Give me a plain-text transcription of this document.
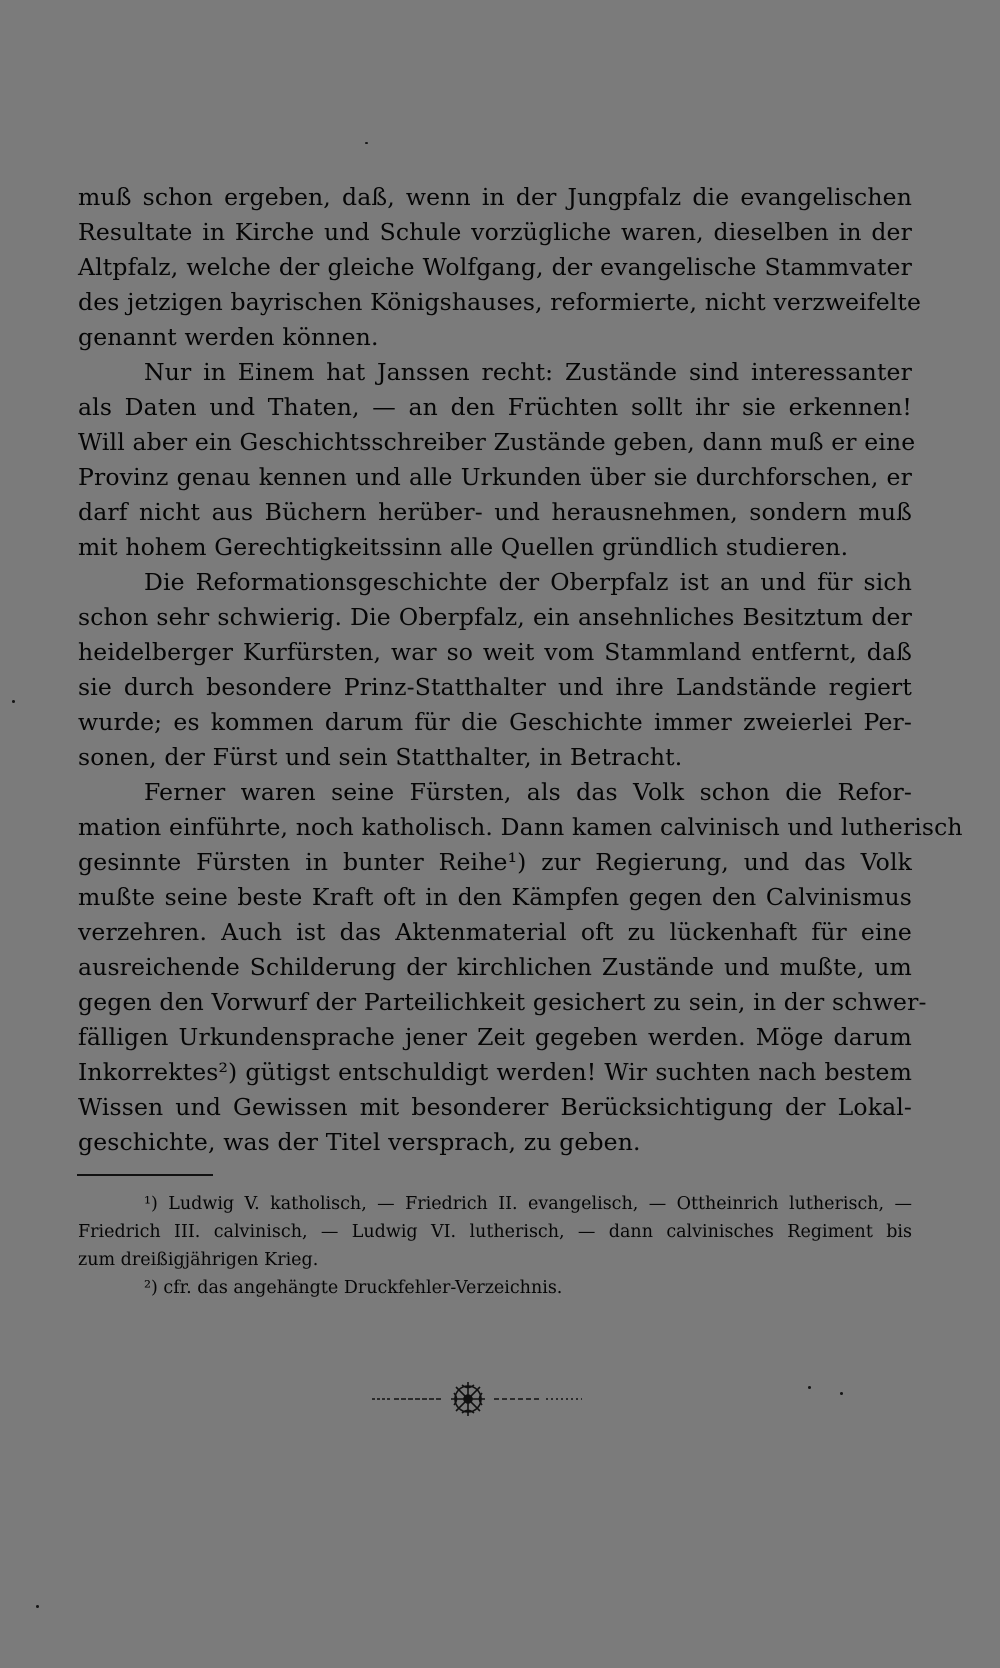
muß schon ergeben, daß, wenn in der Jungpfalz die evangelischen
Resultate in Kirche und Schule vorzügliche waren, dieselben in der
Altpfalz, welche der gleiche Wolfgang, der evangelische Stammvater
des jetzigen bayrischen Königshauses, reformierte, nicht verzweifelte
genannt werden können.
Nur in Einem hat Janssen recht: Zustände sind interessanter
als Daten und Thaten, — an den Früchten sollt ihr sie erkennen!
Will aber ein Geschichtsschreiber Zustände geben, dann muß er eine
Provinz genau kennen und alle Urkunden über sie durchforschen, er
darf nicht aus Büchern herüber- und herausnehmen, sondern muß
mit hohem Gerechtigkeitssinn alle Quellen gründlich studieren.
Die Reformationsgeschichte der Oberpfalz ist an und für sich
schon sehr schwierig. Die Oberpfalz, ein ansehnliches Besitztum der
heidelberger Kurfürsten, war so weit vom Stammland entfernt, daß
sie durch besondere Prinz-Statthalter und ihre Landstände regiert
wurde; es kommen darum für die Geschichte immer zweierlei Per-
sonen, der Fürst und sein Statthalter, in Betracht.
Ferner waren seine Fürsten, als das Volk schon die Refor-
mation einführte, noch katholisch. Dann kamen calvinisch und lutherisch
gesinnte Fürsten in bunter Reihe¹) zur Regierung, und das Volk
mußte seine beste Kraft oft in den Kämpfen gegen den Calvinismus
verzehren. Auch ist das Aktenmaterial oft zu lückenhaft für eine
ausreichende Schilderung der kirchlichen Zustände und mußte, um
gegen den Vorwurf der Parteilichkeit gesichert zu sein, in der schwer-
fälligen Urkundensprache jener Zeit gegeben werden. Möge darum
Inkorrektes²) gütigst entschuldigt werden! Wir suchten nach bestem
Wissen und Gewissen mit besonderer Berücksichtigung der Lokal-
geschichte, was der Titel versprach, zu geben.
¹) Ludwig V. katholisch, — Friedrich II. evangelisch, — Ottheinrich lutherisch, —
Friedrich III. calvinisch, — Ludwig VI. lutherisch, — dann calvinisches Regiment bis
zum dreißigjährigen Krieg.
²) cfr. das angehängte Druckfehler-Verzeichnis.
